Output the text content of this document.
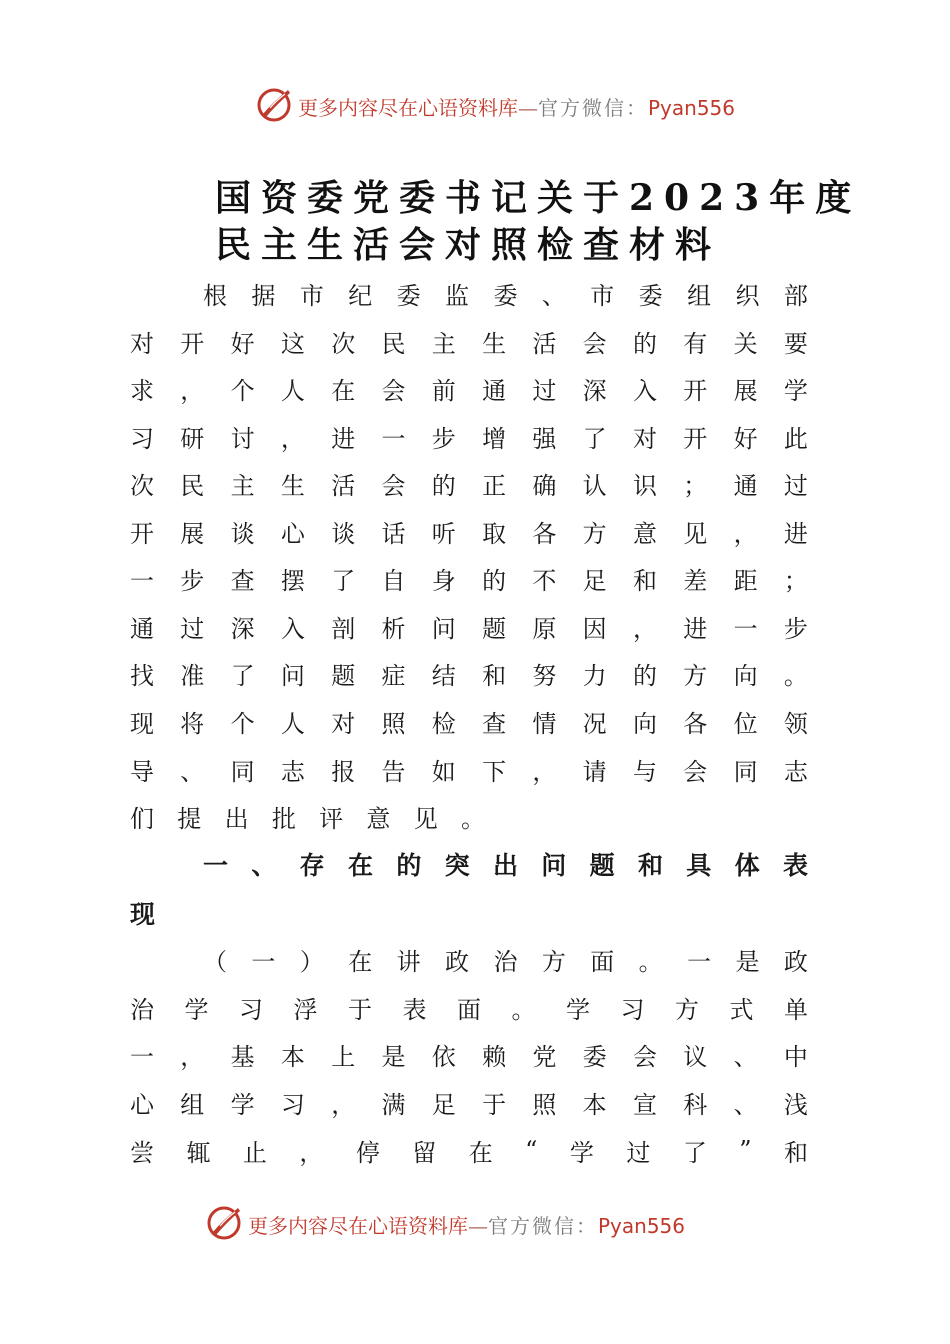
更多内容尽在心语资料库—官方微信：Pyan556
国资委党委书记关于2023年度
民主生活会对照检查材料
根 据 市 纪 委 监 委 、 市 委 组 织 部
对 开 好 这 次 民 主 生 活 会 的 有 关 要
求 ， 个 人 在 会 前 通 过 深 入 开 展 学
习 研 讨 ， 进 一 步 增 强 了 对 开 好 此
次 民 主 生 活 会 的 正 确 认 识 ； 通 过
开 展 谈 心 谈 话 听 取 各 方 意 见 ， 进
一 步 查 摆 了 自 身 的 不 足 和 差 距 ；
通 过 深 入 剖 析 问 题 原 因 ， 进 一 步
找 准 了 问 题 症 结 和 努 力 的 方 向 。
现 将 个 人 对 照 检 查 情 况 向 各 位 领
导 、 同 志 报 告 如 下 ， 请 与 会 同 志
们 提 出 批 评 意 见 。
一 、 存 在 的 突 出 问 题 和 具 体 表
现
（ 一 ） 在 讲 政 治 方 面 。 一 是 政
治 学 习 浮 于 表 面 。 学 习 方 式 单
一 ， 基 本 上 是 依 赖 党 委 会 议 、 中
心 组 学 习 ， 满 足 于 照 本 宣 科 、 浅
尝 辄 止 ， 停 留 在 “ 学 过 了 ” 和
更多内容尽在心语资料库—官方微信：Pyan556
